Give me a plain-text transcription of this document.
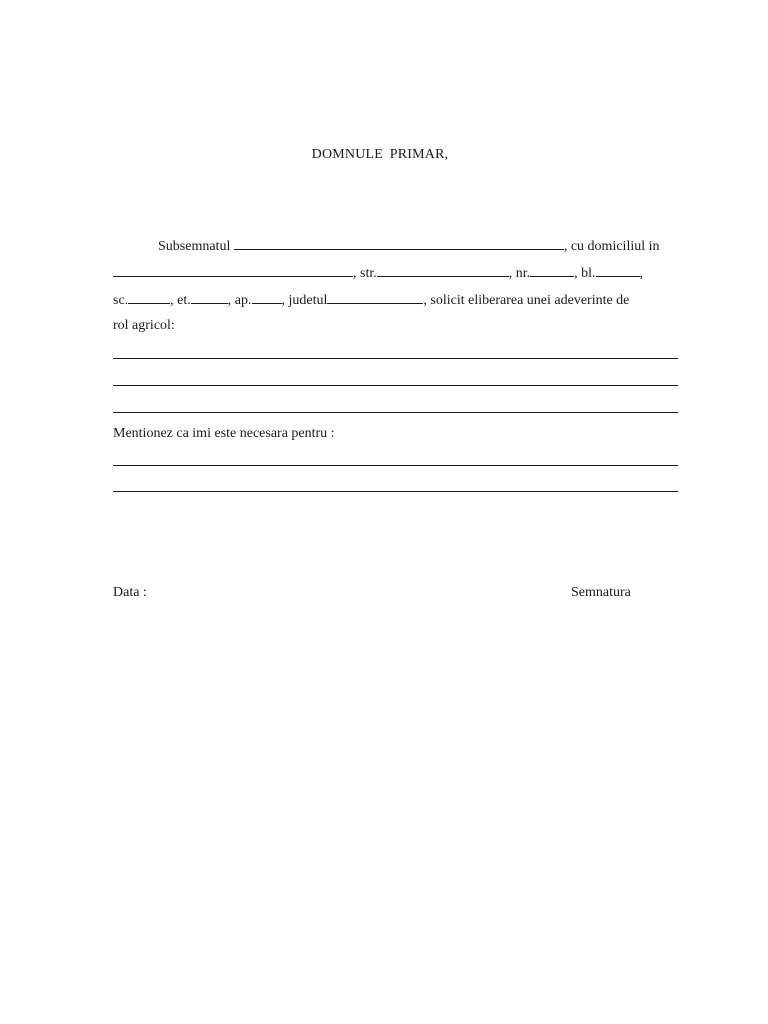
DOMNULE PRIMAR,
Subsemnatul	, cu domiciliul in
, str.	, nr.	, bl.	,
sc.	, et.	, ap. , judetul	, solicit eliberarea unei adeverinte de
rol agricol:
Mentionez ca imi este necesara pentru :
Data :	Semnatura
